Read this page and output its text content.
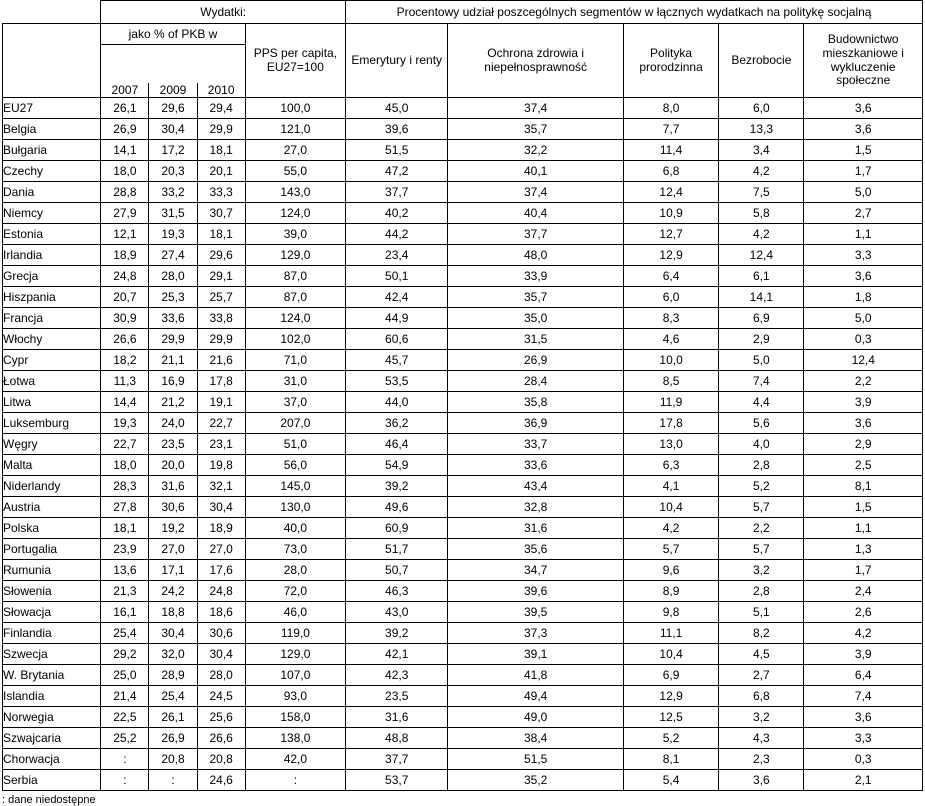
	Wydatki:				Procentowy udział poszcególnych segmentów w łącznych wydatkach na politykę socjalną				
	jako % of PKB w			PPS per capita, EU27=100	Emerytury i renty	Ochrona zdrowia i niepełnosprawność	Polityka prorodzinna	Bezrobocie	Budownictwo mieszkaniowe i wykluczenie społeczne

	2007	2009	2010						
EU27	26,1	29,6	29,4	100,0	45,0	37,4	8,0	6,0	3,6
Belgia	26,9	30,4	29,9	121,0	39,6	35,7	7,7	13,3	3,6
Bułgaria	14,1	17,2	18,1	27,0	51,5	32,2	11,4	3,4	1,5
Czechy	18,0	20,3	20,1	55,0	47,2	40,1	6,8	4,2	1,7
Dania	28,8	33,2	33,3	143,0	37,7	37,4	12,4	7,5	5,0
Niemcy	27,9	31,5	30,7	124,0	40,2	40,4	10,9	5,8	2,7
Estonia	12,1	19,3	18,1	39,0	44,2	37,7	12,7	4,2	1,1
Irlandia	18,9	27,4	29,6	129,0	23,4	48,0	12,9	12,4	3,3
Grecja	24,8	28,0	29,1	87,0	50,1	33,9	6,4	6,1	3,6
Hiszpania	20,7	25,3	25,7	87,0	42,4	35,7	6,0	14,1	1,8
Francja	30,9	33,6	33,8	124,0	44,9	35,0	8,3	6,9	5,0
Włochy	26,6	29,9	29,9	102,0	60,6	31,5	4,6	2,9	0,3
Cypr	18,2	21,1	21,6	71,0	45,7	26,9	10,0	5,0	12,4
Łotwa	11,3	16,9	17,8	31,0	53,5	28,4	8,5	7,4	2,2
Litwa	14,4	21,2	19,1	37,0	44,0	35,8	11,9	4,4	3,9
Luksemburg	19,3	24,0	22,7	207,0	36,2	36,9	17,8	5,6	3,6
Węgry	22,7	23,5	23,1	51,0	46,4	33,7	13,0	4,0	2,9
Malta	18,0	20,0	19,8	56,0	54,9	33,6	6,3	2,8	2,5
Niderlandy	28,3	31,6	32,1	145,0	39,2	43,4	4,1	5,2	8,1
Austria	27,8	30,6	30,4	130,0	49,6	32,8	10,4	5,7	1,5
Polska	18,1	19,2	18,9	40,0	60,9	31,6	4,2	2,2	1,1
Portugalia	23,9	27,0	27,0	73,0	51,7	35,6	5,7	5,7	1,3
Rumunia	13,6	17,1	17,6	28,0	50,7	34,7	9,6	3,2	1,7
Słowenia	21,3	24,2	24,8	72,0	46,3	39,6	8,9	2,8	2,4
Słowacja	16,1	18,8	18,6	46,0	43,0	39,5	9,8	5,1	2,6
Finlandia	25,4	30,4	30,6	119,0	39,2	37,3	11,1	8,2	4,2
Szwecja	29,2	32,0	30,4	129,0	42,1	39,1	10,4	4,5	3,9
W. Brytania	25,0	28,9	28,0	107,0	42,3	41,8	6,9	2,7	6,4
Islandia	21,4	25,4	24,5	93,0	23,5	49,4	12,9	6,8	7,4
Norwegia	22,5	26,1	25,6	158,0	31,6	49,0	12,5	3,2	3,6
Szwajcaria	25,2	26,9	26,6	138,0	48,8	38,4	5,2	4,3	3,3
Chorwacja	:	20,8	20,8	42,0	37,7	51,5	8,1	2,3	0,3
Serbia	:	:	24,6	:	53,7	35,2	5,4	3,6	2,1
: dane niedostępne
